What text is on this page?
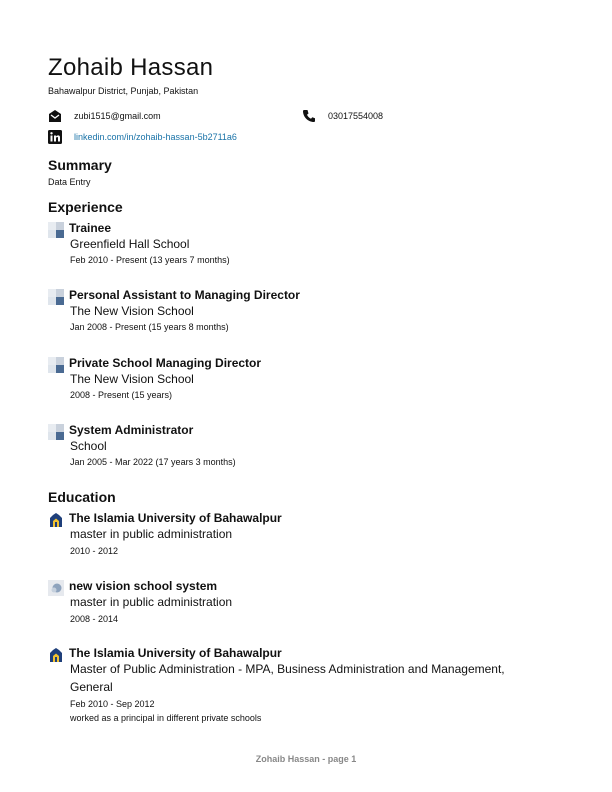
Zohaib Hassan
Bahawalpur District, Punjab, Pakistan
zubi1515@gmail.com	03017554008
linkedin.com/in/zohaib-hassan-5b2711a6
Summary
Data Entry
Experience
Trainee
Greenfield Hall School
Feb 2010 - Present (13 years 7 months)
Personal Assistant to Managing Director
The New Vision School
Jan 2008 - Present (15 years 8 months)
Private School Managing Director
The New Vision School
2008 - Present (15 years)
System Administrator
School
Jan 2005 - Mar 2022 (17 years 3 months)
Education
The Islamia University of Bahawalpur
master in public administration
2010 - 2012
new vision school system
master in public administration
2008 - 2014
The Islamia University of Bahawalpur
Master of Public Administration - MPA, Business Administration and Management,
General
Feb 2010 - Sep 2012
worked as a principal in different private schools
Zohaib Hassan - page 1
